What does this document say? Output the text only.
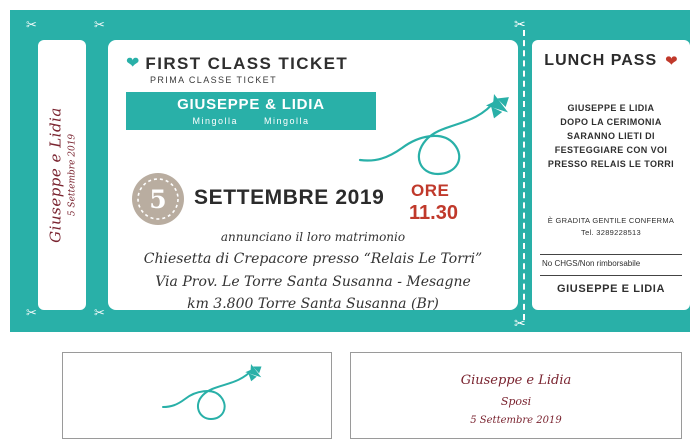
✂	✂
✂	✂
Giuseppe e Lidia 5 Settembre 2019
❤ FIRST CLASS TICKET
PRIMA CLASSE TICKET
GIUSEPPE & LIDIA
Mingolla	Mingolla
5	SETTEMBRE 2019 ORE
11.30
annunciano il loro matrimonio
Chiesetta di Crepacore presso “Relais Le Torri”
Via Prov. Le Torre Santa Susanna - Mesagne
km 3.800 Torre Santa Susanna (Br)
✂
✂
LUNCH PASS ❤
GIUSEPPE E LIDIA
DOPO LA CERIMONIA
SARANNO LIETI DI
FESTEGGIARE CON VOI
PRESSO RELAIS LE TORRI
È GRADITA GENTILE CONFERMA
Tel. 3289228513
No CHGS/Non rimborsabile
GIUSEPPE E LIDIA
Giuseppe e Lidia
Sposi
5 Settembre 2019
